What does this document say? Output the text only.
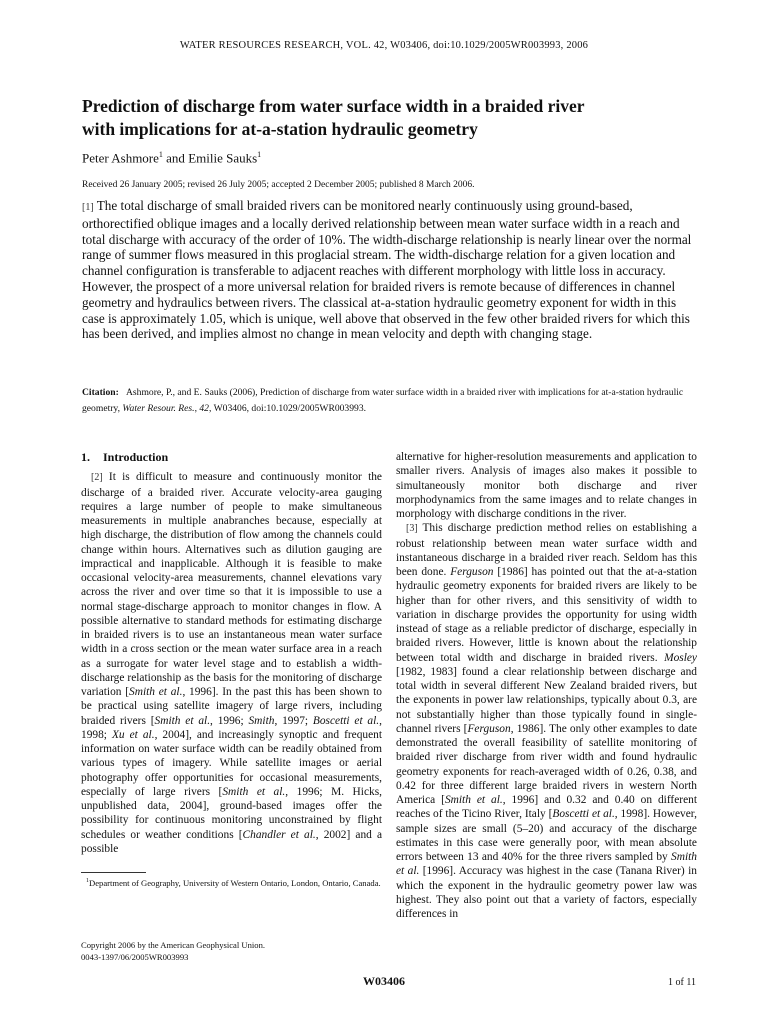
WATER RESOURCES RESEARCH, VOL. 42, W03406, doi:10.1029/2005WR003993, 2006
Prediction of discharge from water surface width in a braided river
with implications for at-a-station hydraulic geometry
Peter Ashmore$^1$ and Emilie Sauks$^1$
Received 26 January 2005; revised 26 July 2005; accepted 2 December 2005; published 8 March 2006.

[1] The total discharge of small braided rivers can be monitored nearly continuously using ground-based, orthorectified oblique images and a locally derived relationship between mean water surface width in a reach and total discharge with accuracy of the order of 10%. The width-discharge relationship is nearly linear over the normal range of summer flows measured in this proglacial stream. The width-discharge relation for a given location and channel configuration is transferable to adjacent reaches with different morphology with little loss in accuracy. However, the prospect of a more universal relation for braided rivers is remote because of differences in channel geometry and hydraulics between rivers. The classical at-a-station hydraulic geometry exponent for width in this case is approximately 1.05, which is unique, well above that observed in the few other braided rivers for which this has been derived, and implies almost no change in mean velocity and depth with changing stage.

Citation: Ashmore, P., and E. Sauks (2006), Prediction of discharge from water surface width in a braided river with implications for at-a-station hydraulic geometry, Water Resour. Res., 42, W03406, doi:10.1029/2005WR003993.

1. Introduction

[2] It is difficult to measure and continuously monitor the discharge of a braided river. Accurate velocity-area gauging requires a large number of people to make simultaneous measurements in multiple anabranches because, especially at high discharge, the distribution of flow among the channels could change within hours. Alternatives such as dilution gauging are impractical and inapplicable. Although it is feasible to make occasional velocity-area measurements, channel elevations vary across the river and over time so that it is impossible to use a normal stage-discharge approach to monitor changes in flow. A possible alternative to standard methods for estimating discharge in braided rivers is to use an instantaneous mean water surface width in a cross section or the mean water surface area in a reach as a surrogate for water level stage and to establish a width-discharge relationship as the basis for the monitoring of discharge variation [Smith et al., 1996]. In the past this has been shown to be practical using satellite imagery of large rivers, including braided rivers [Smith et al., 1996; Smith, 1997; Boscetti et al., 1998; Xu et al., 2004], and increasingly synoptic and frequent information on water surface width can be readily obtained from various types of imagery. While satellite images or aerial photography offer opportunities for occasional measurements, especially of large rivers [Smith et al., 1996; M. Hicks, unpublished data, 2004], ground-based images offer the possibility for continuous monitoring unconstrained by flight schedules or weather conditions [Chandler et al., 2002] and a possible

alternative for higher-resolution measurements and application to smaller rivers. Analysis of images also makes it possible to simultaneously monitor both discharge and river morphodynamics from the same images and to relate changes in morphology with discharge conditions in the river.

[3] This discharge prediction method relies on establishing a robust relationship between mean water surface width and instantaneous discharge in a braided river reach. Seldom has this been done. Ferguson [1986] has pointed out that the at-a-station hydraulic geometry exponents for braided rivers are likely to be higher than for other rivers, and this sensitivity of width to variation in discharge provides the opportunity for using width instead of stage as a reliable predictor of discharge, especially in braided rivers. However, little is known about the relationship between total width and discharge in braided rivers. Mosley [1982, 1983] found a clear relationship between discharge and total width in several different New Zealand braided rivers, but the exponents in power law relationships, typically about 0.3, are not substantially higher than those typically found in single-channel rivers [Ferguson, 1986]. The only other examples to date demonstrated the overall feasibility of satellite monitoring of braided river discharge from river width and found hydraulic geometry exponents for reach-averaged width of 0.26, 0.38, and 0.42 for three different large braided rivers in western North America [Smith et al., 1996] and 0.32 and 0.40 on different reaches of the Ticino River, Italy [Boscetti et al., 1998]. However, sample sizes are small (5–20) and accuracy of the discharge estimates in this case were generally poor, with mean absolute errors between 13 and 40% for the three rivers sampled by Smith et al. [1996]. Accuracy was highest in the case (Tanana River) in which the exponent in the hydraulic geometry power law was highest. They also point out that a variety of factors, especially differences in

$^1$Department of Geography, University of Western Ontario, London, Ontario, Canada.

Copyright 2006 by the American Geophysical Union.
0043-1397/06/2005WR003993

W03406	1 of 11
